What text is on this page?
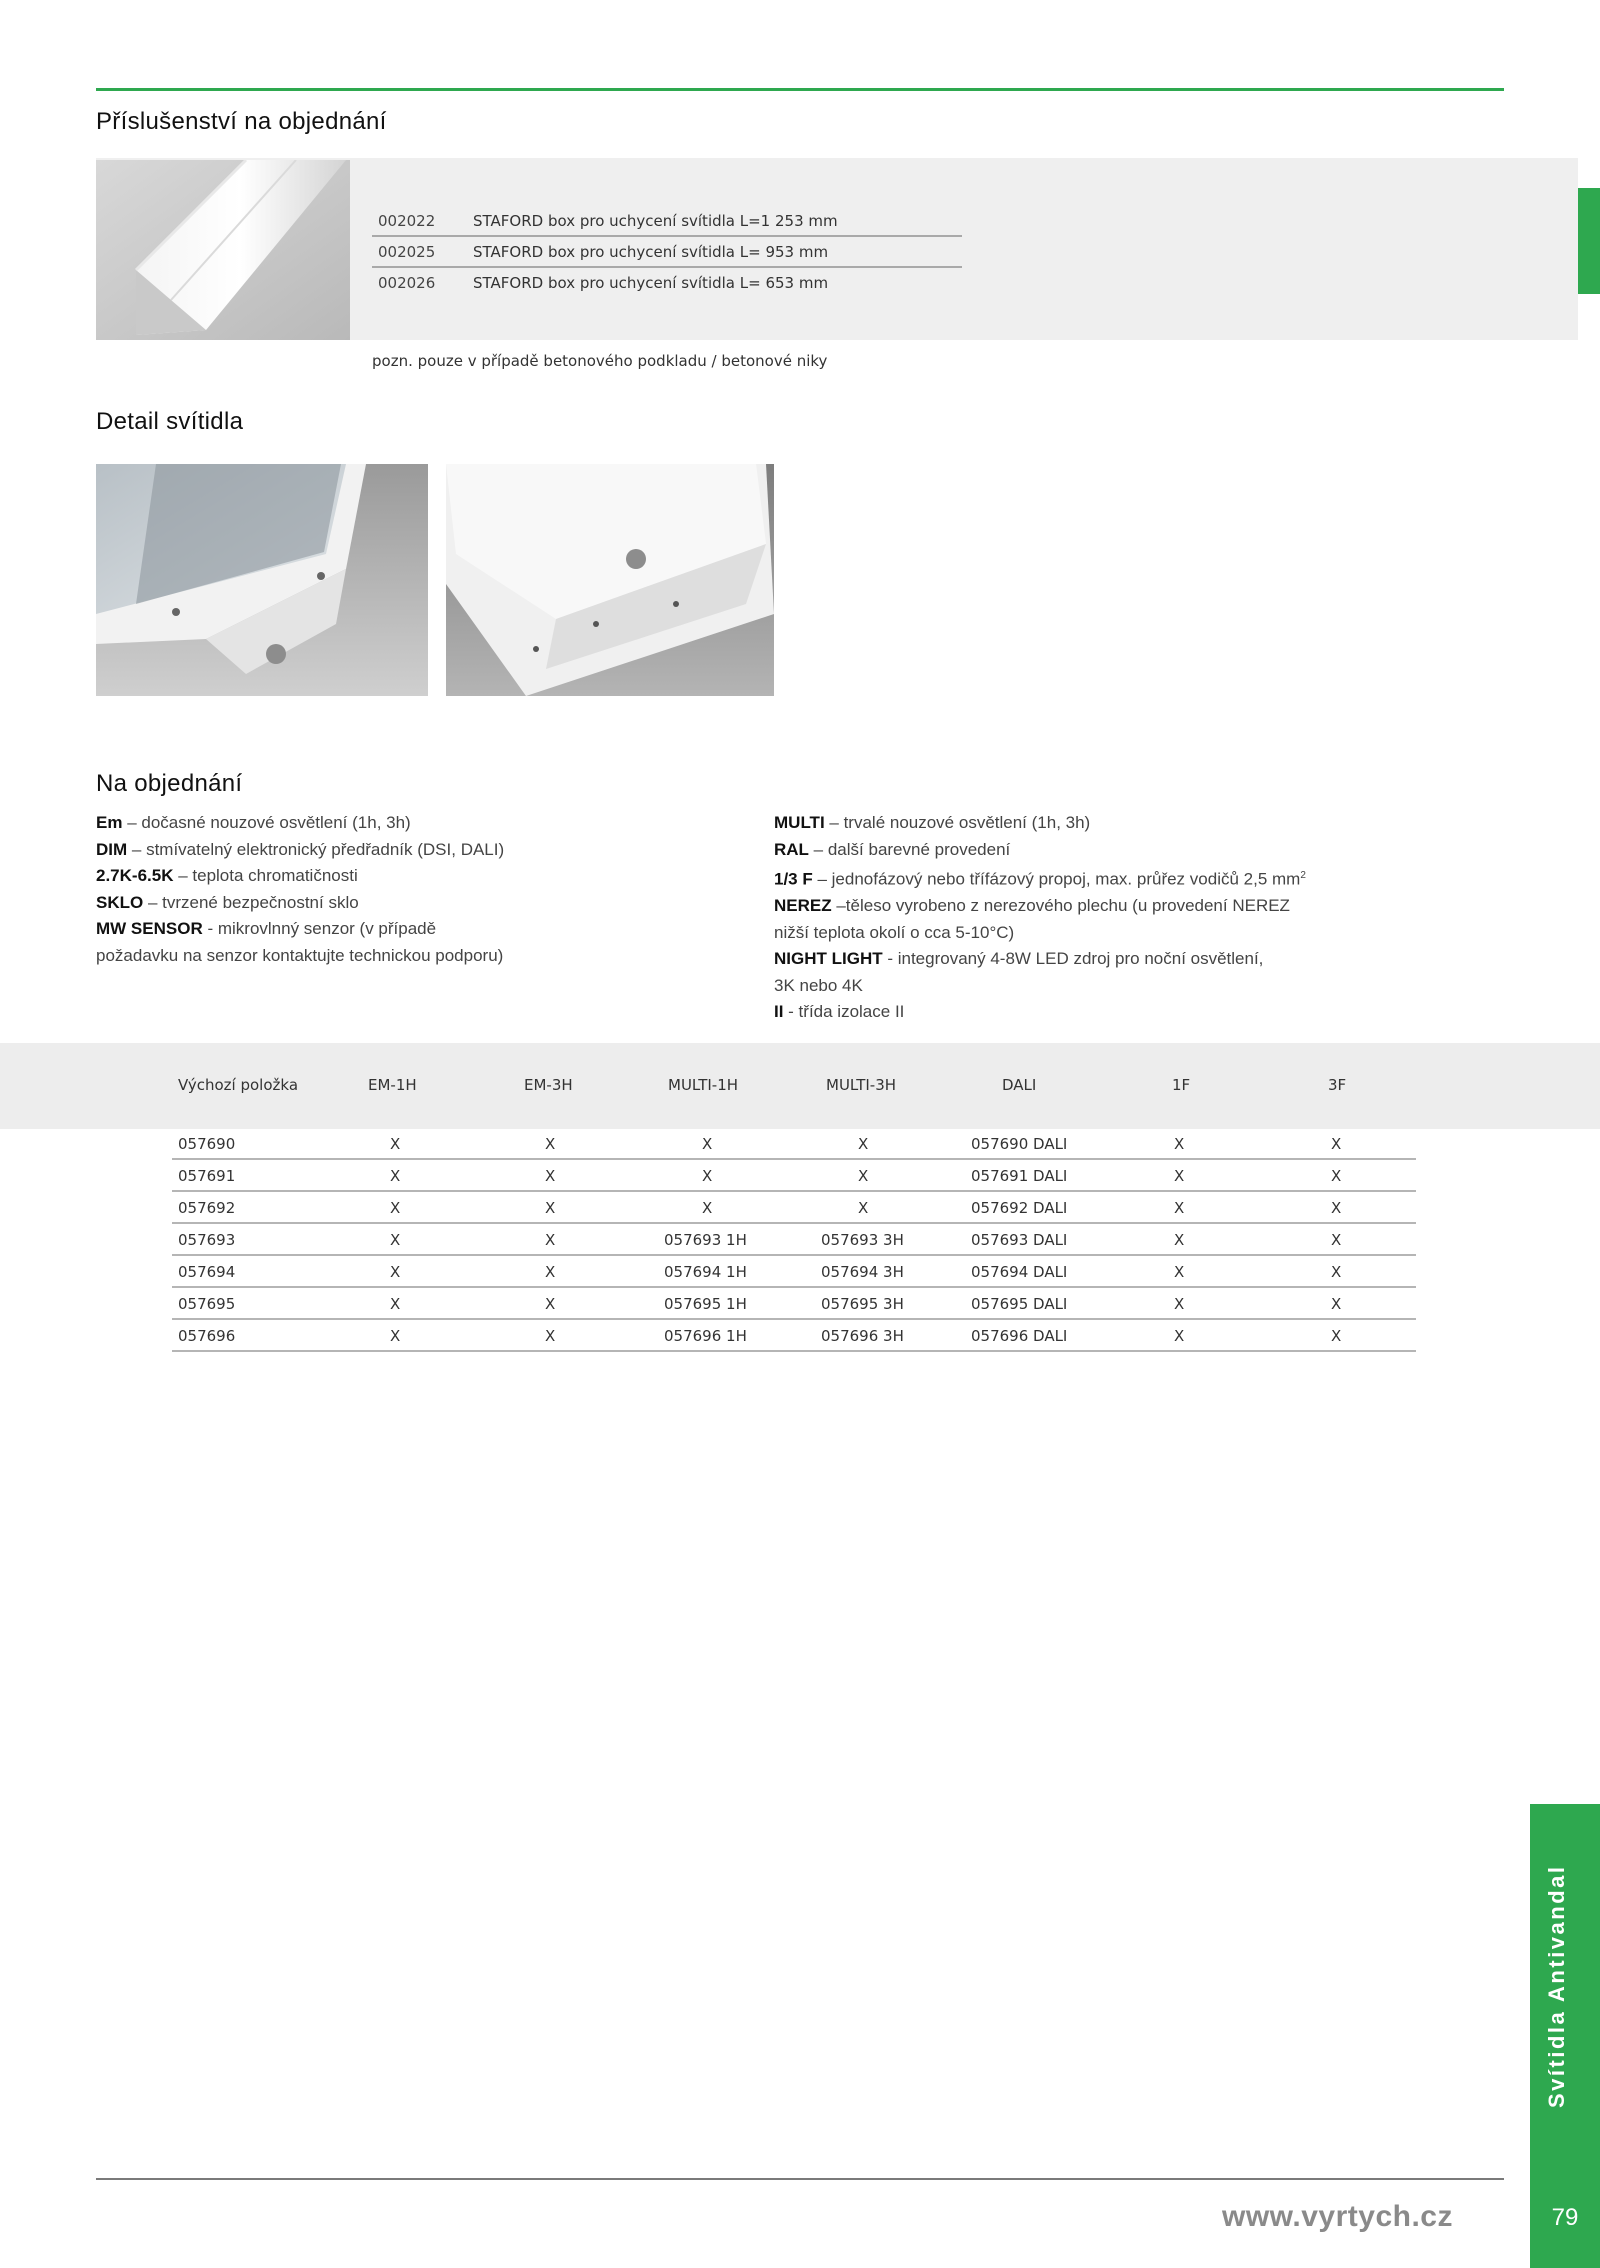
Příslušenství na objednání
002022	STAFORD box pro uchycení svítidla L=1 253 mm
002025	STAFORD box pro uchycení svítidla L= 953 mm
002026	STAFORD box pro uchycení svítidla L= 653 mm
pozn. pouze v případě betonového podkladu / betonové niky
Detail svítidla
Na objednání
Em – dočasné nouzové osvětlení (1h, 3h)
DIM – stmívatelný elektronický předřadník (DSI, DALI)
2.7K-6.5K – teplota chromatičnosti
SKLO – tvrzené bezpečnostní sklo
MW SENSOR - mikrovlnný senzor (v případě
požadavku na senzor kontaktujte technickou podporu)
MULTI – trvalé nouzové osvětlení (1h, 3h)
RAL – další barevné provedení
1/3 F – jednofázový nebo třífázový propoj, max. průřez vodičů 2,5 $mm^2$
NEREZ –těleso vyrobeno z nerezového plechu (u provedení NEREZ
nižší teplota okolí o cca 5-10°C)
NIGHT LIGHT - integrovaný 4-8W LED zdroj pro noční osvětlení,
3K nebo 4K
II - třída izolace II
Výchozí položka	EM-1H	EM-3H	MULTI-1H	MULTI-3H	DALI	1F	3F
057690	X	X	X	X	057690 DALI	X	X
057691	X	X	X	X	057691 DALI	X	X
057692	X	X	X	X	057692 DALI	X	X
057693	X	X	057693 1H	057693 3H	057693 DALI	X	X
057694	X	X	057694 1H	057694 3H	057694 DALI	X	X
057695	X	X	057695 1H	057695 3H	057695 DALI	X	X
057696	X	X	057696 1H	057696 3H	057696 DALI	X	X
Svítidla Antivandal
79
www.vyrtych.cz
